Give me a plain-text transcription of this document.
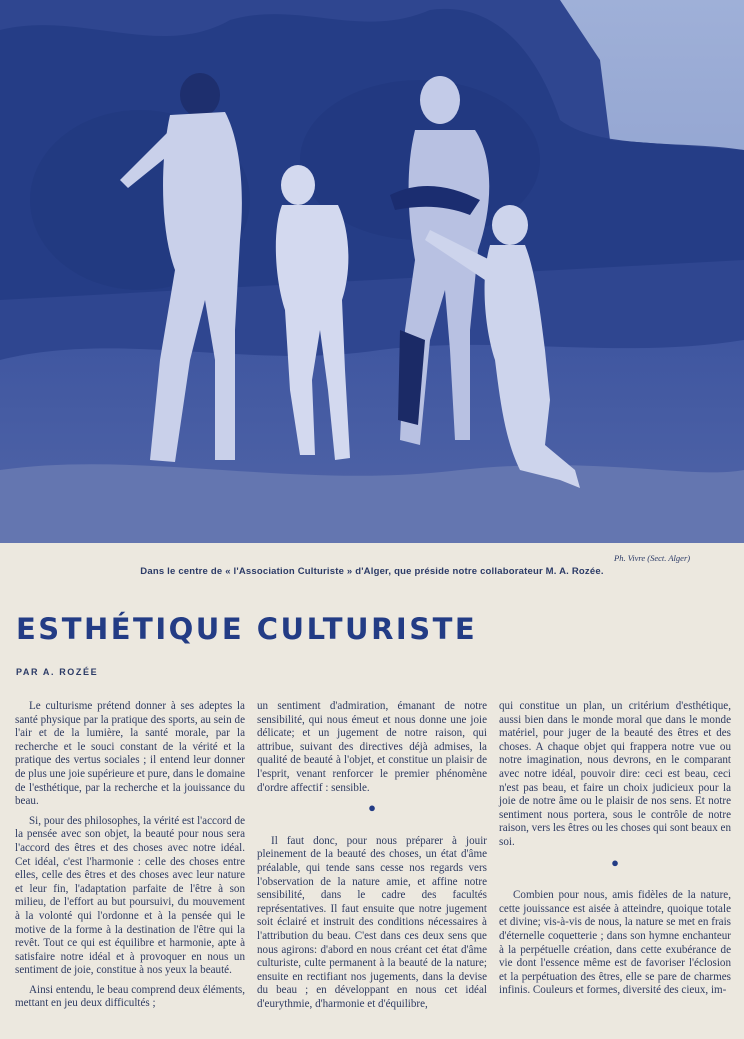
Ph. Vivre (Sect. Alger)
Dans le centre de « l'Association Culturiste » d'Alger, que préside notre collaborateur M. A. Rozée.
ESTHÉTIQUE CULTURISTE
PAR A. ROZÉE

Le culturisme prétend donner à ses adeptes la santé physique par la pratique des sports, au sein de l'air et de la lumière, la santé morale, par la recherche et le souci constant de la vérité et la pratique des vertus sociales ; il entend leur donner de plus une joie supérieure et pure, dans le domaine de l'esthétique, par la recherche et la jouissance du beau.

Si, pour des philosophes, la vérité est l'accord de la pensée avec son objet, la beauté pour nous sera l'accord des êtres et des choses avec notre idéal. Cet idéal, c'est l'harmonie : celle des choses entre elles, celle des êtres et des choses avec leur nature et leur fin, l'adaptation parfaite de l'être à son milieu, de l'effort au but poursuivi, du mouvement à la volonté qui l'ordonne et à la pensée qui le motive de la forme à la destination de l'être qui la revêt. Tout ce qui est équilibre et harmonie, apte à satisfaire notre idéal et à provoquer en nous un sentiment de joie, constitue à nos yeux la beauté.

Ainsi entendu, le beau comprend deux éléments, mettant en jeu deux difficultés ;

un sentiment d'admiration, émanant de notre sensibilité, qui nous émeut et nous donne une joie délicate; et un jugement de notre raison, qui attribue, suivant des directives déjà admises, la qualité de beauté à l'objet, et constitue un plaisir de l'esprit, venant renforcer le premier phénomène d'ordre affectif : sensible.

●

Il faut donc, pour nous préparer à jouir pleinement de la beauté des choses, un état d'âme préalable, qui tende sans cesse nos regards vers l'observation de la nature amie, et affine notre sensibilité, dans le cadre des facultés représentatives. Il faut ensuite que notre jugement soit éclairé et instruit des conditions nécessaires à l'attribution du beau. C'est dans ces deux sens que nous agirons: d'abord en nous créant cet état d'âme culturiste, culte permanent à la beauté de la nature; ensuite en rectifiant nos jugements, dans la devise du beau ; en développant en nous cet idéal d'eurythmie, d'harmonie et d'équilibre,

qui constitue un plan, un critérium d'esthétique, aussi bien dans le monde moral que dans le monde matériel, pour juger de la beauté des êtres et des choses. A chaque objet qui frappera notre vue ou notre imagination, nous devrons, en le comparant avec notre idéal, pouvoir dire: ceci est beau, ceci n'est pas beau, et faire un choix judicieux pour la joie de notre âme ou le plaisir de nos sens. Et notre sentiment nous portera, sous le contrôle de notre raison, vers les êtres ou les choses qui sont beaux en soi.

●

Combien pour nous, amis fidèles de la nature, cette jouissance est aisée à atteindre, quoique totale et divine; vis-à-vis de nous, la nature se met en frais d'éternelle coquetterie ; dans son hymne enchanteur à la perpétuelle création, dans cette exubérance de vie dont l'essence même est de favoriser l'éclosion et la perpétuation des êtres, elle se pare de charmes infinis. Couleurs et formes, diversité des cieux, im-
